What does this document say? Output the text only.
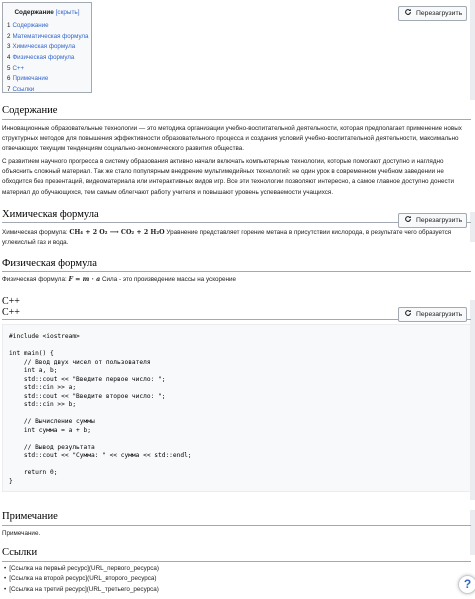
Содержание [скрыть]
1 Содержание
2 Математическая формула
3 Химическая формула
4 Физическая формула
5 C++
6 Примечание
7 Ссылки
Перезагрузить
Содержание
Инновационные образовательные технологии — это методика организации учебно-воспитательной деятельности, которая предполагает применение новых структурных методов для повышения эффективности образовательного процесса и создания условий учебно-воспитательной деятельности, максимально отвечающих текущим тенденциям социально-экономического развития общества.
С развитием научного прогресса в систему образования активно начали включать компьютерные технологии, которые помогают доступно и наглядно объяснить сложный материал. Так же стало популярным внедрение мультимедийных технологий: не один урок в современном учебном заведении не обходится без презентаций, видеоматериала или интерактивных видов игр. Все эти технологии позволяют интересно, а самое главное доступно донести материал до обучающихся, тем самым облегчают работу учителя и повышают уровень успеваемости учащихся.
Химическая формула
Перезагрузить
Химическая формула: CH₄ + 2 O₂ ⟶ CO₂ + 2 H₂O Уравнение представляет горение метана в присутствии кислорода, в результате чего образуется углекислый газ и вода.
Физическая формула
Физическая формула: F = m ⋅ a Сила - это произведение массы на ускорение
C++
C++	Перезагрузить
#include <iostream>

int main() {
// Ввод двух чисел от пользователя
int a, b;
std::cout << "Введите первое число: ";
std::cin >> a;
std::cout << "Введите второе число: ";
std::cin >> b;

// Вычисление суммы
int сумма = a + b;

// Вывод результата
std::cout << "Сумма: " << сумма << std::endl;

return 0;
}
Примечание
Примечание.
Ссылки
• [Ссылка на первый ресурс](URL_первого_ресурса)
• [Ссылка на второй ресурс](URL_второго_ресурса)
• [Ссылка на третий ресурс](URL_третьего_ресурса)	?
